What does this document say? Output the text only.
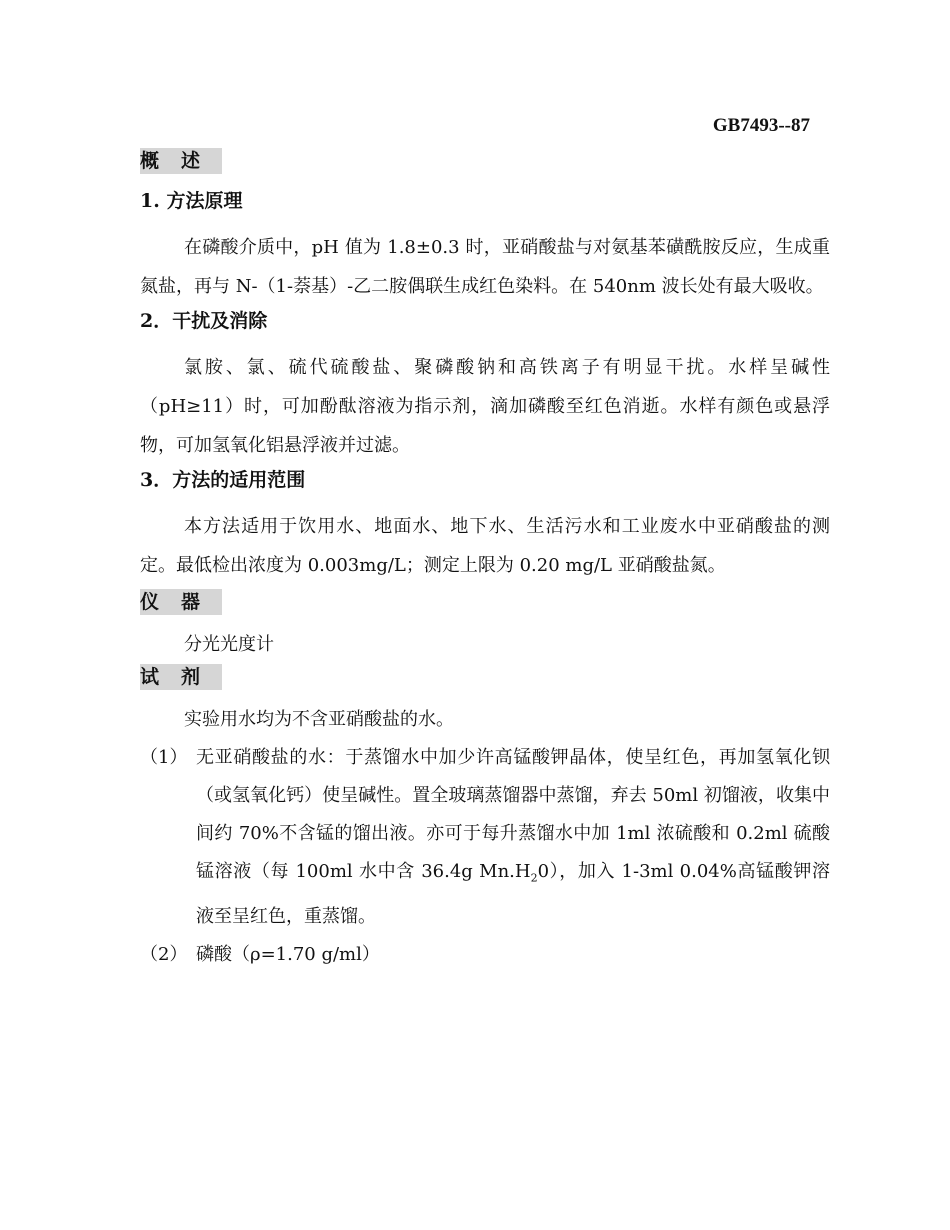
GB7493--87
概述
1. 方法原理

在磷酸介质中，pH 值为 1.8±0.3 时，亚硝酸盐与对氨基苯磺酰胺反应，生成重氮盐，再与 N-（1-萘基）-乙二胺偶联生成红色染料。在 540nm 波长处有最大吸收。

2．干扰及消除

氯胺、氯、硫代硫酸盐、聚磷酸钠和高铁离子有明显干扰。水样呈碱性（pH≥11）时，可加酚酞溶液为指示剂，滴加磷酸至红色消逝。水样有颜色或悬浮物，可加氢氧化铝悬浮液并过滤。

3．方法的适用范围

本方法适用于饮用水、地面水、地下水、生活污水和工业废水中亚硝酸盐的测定。最低检出浓度为 0.003mg/L；测定上限为 0.20 mg/L 亚硝酸盐氮。

仪器
分光光度计
试剂
实验用水均为不含亚硝酸盐的水。
（1） 无亚硝酸盐的水：于蒸馏水中加少许高锰酸钾晶体，使呈红色，再加氢氧化钡（或氢氧化钙）使呈碱性。置全玻璃蒸馏器中蒸馏，弃去 50ml 初馏液，收集中间约 70%不含锰的馏出液。亦可于每升蒸馏水中加 1ml 浓硫酸和 0.2ml 硫酸锰溶液（每 100ml 水中含 36.4g $Mn.H_20$），加入 1-3ml 0.04%高锰酸钾溶液至呈红色，重蒸馏。
（2） 磷酸（ρ=1.70 g/ml）
